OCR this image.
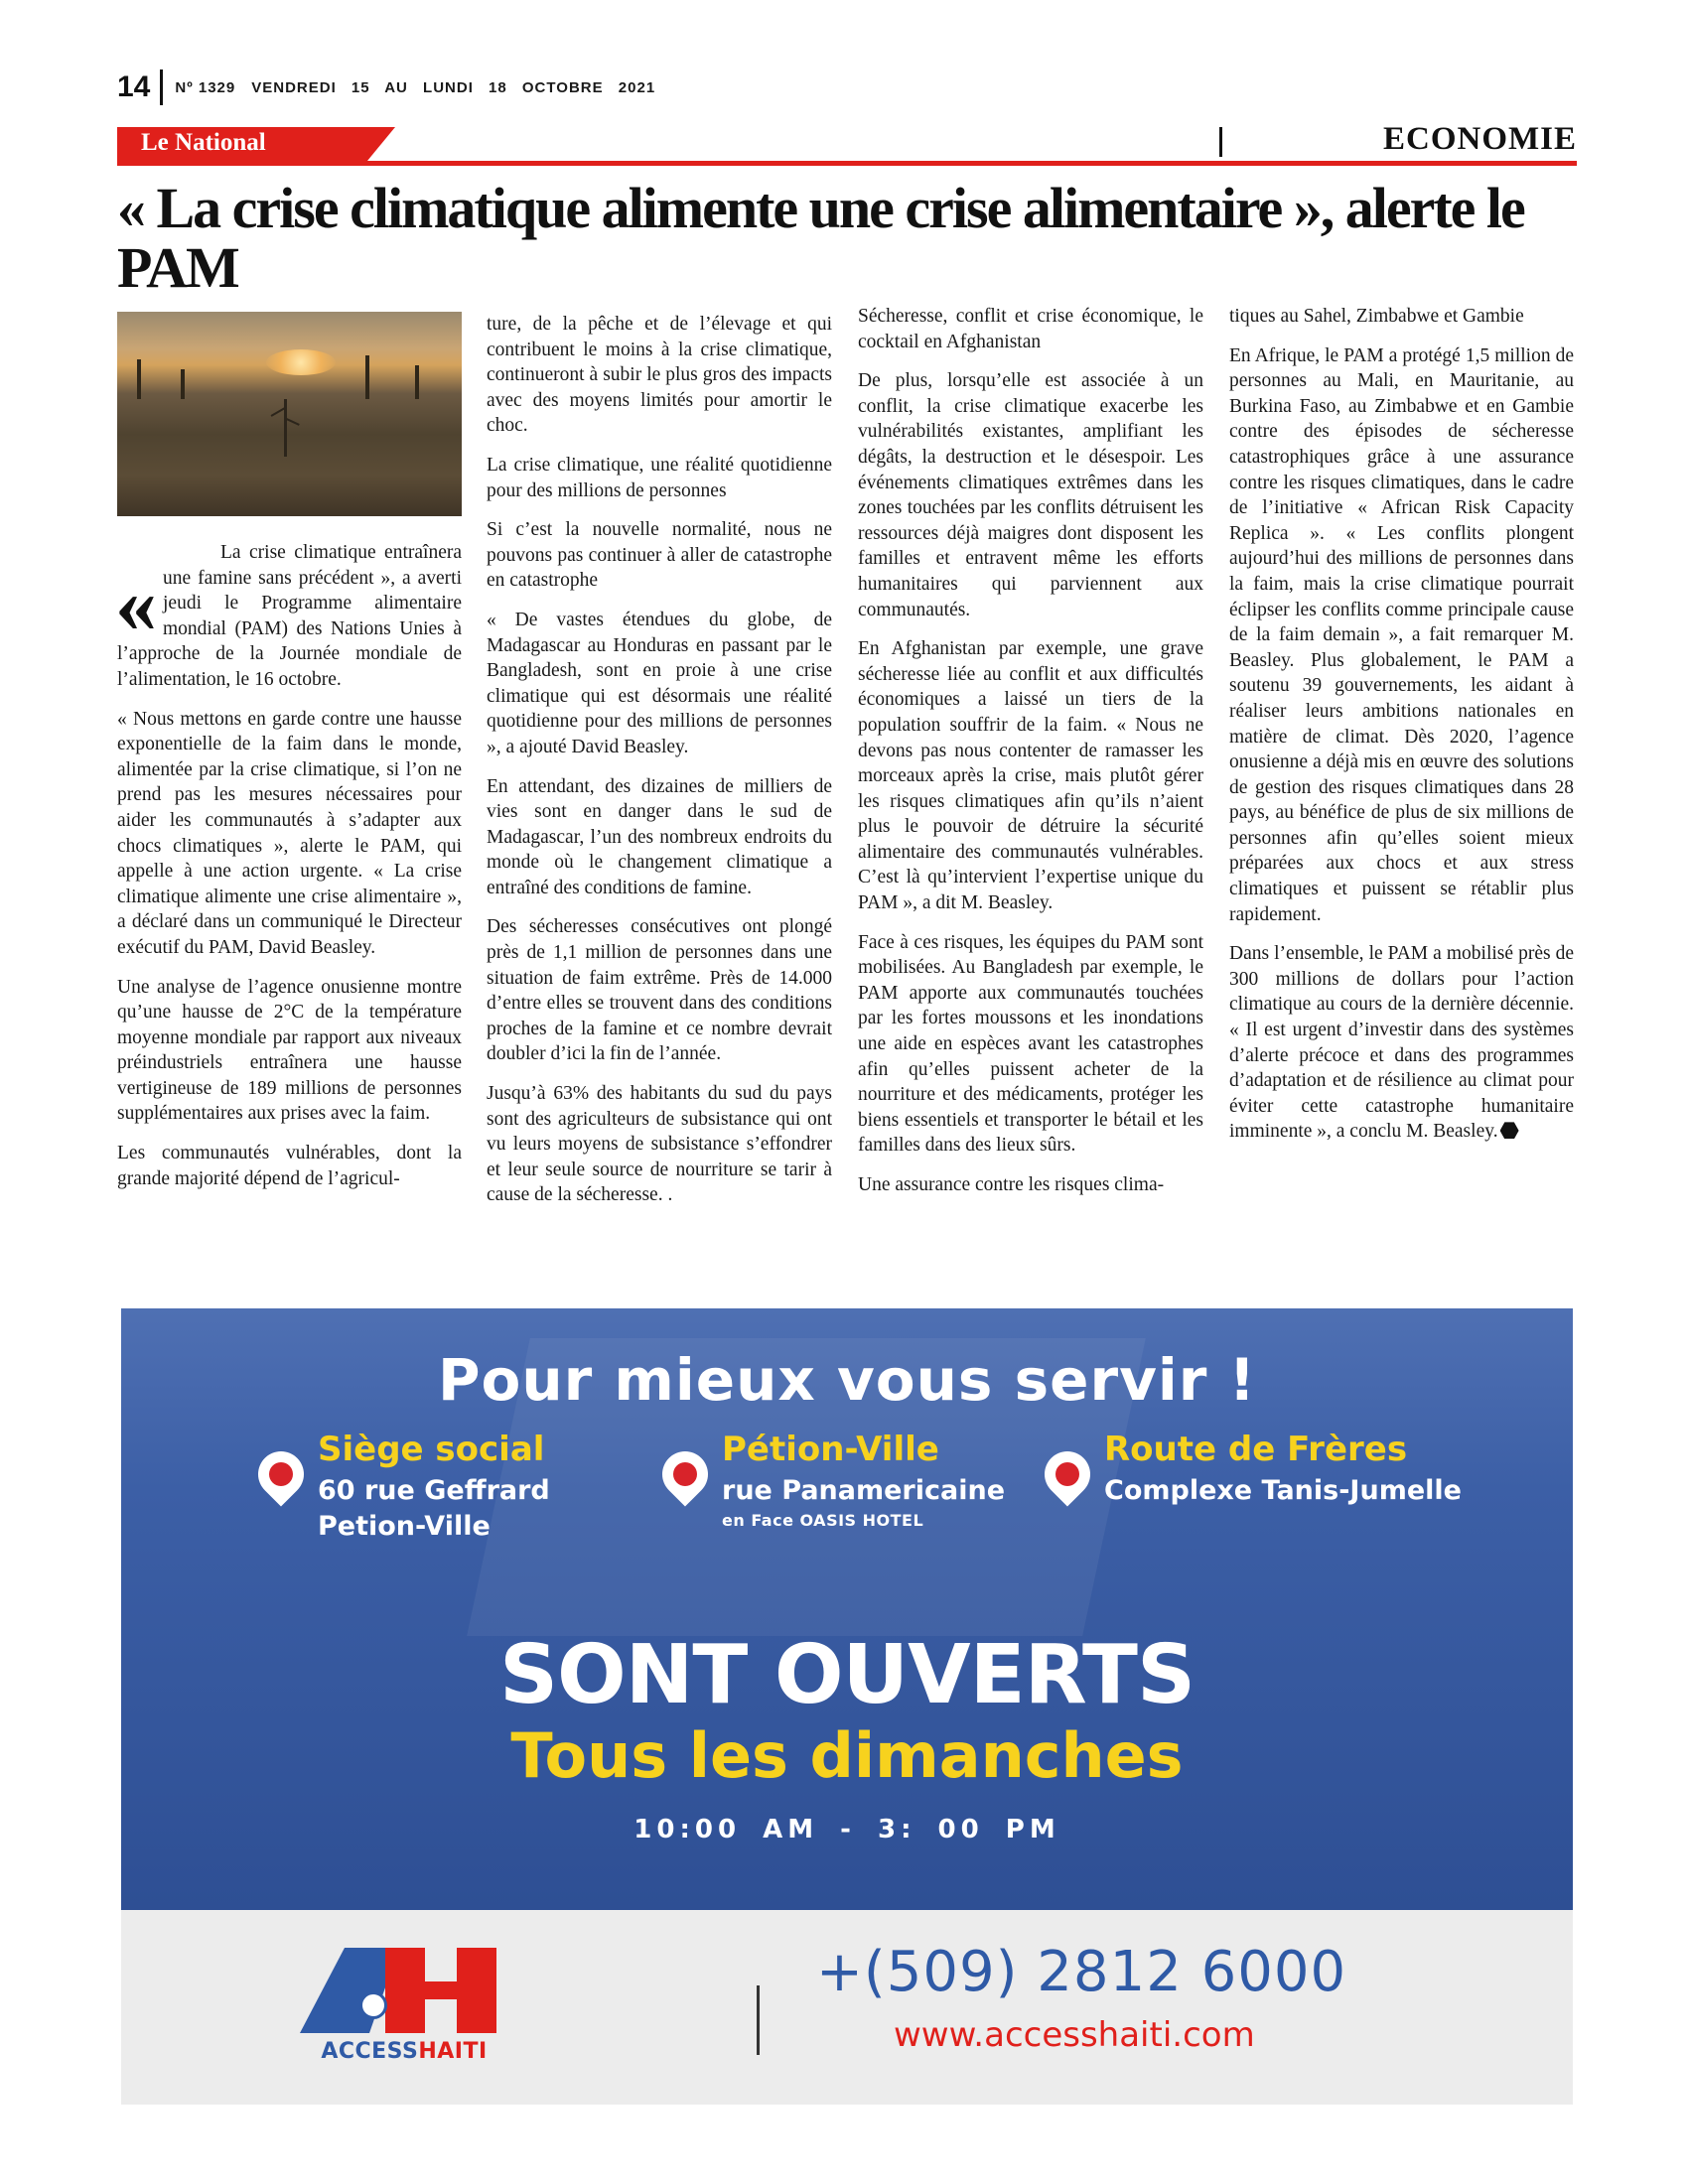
14 Nº 1329 VENDREDI 15 AU LUNDI 18 OCTOBRE 2021
Le National	ECONOMIE
« La crise climatique alimente une crise alimentaire », alerte le PAM
«

La crise climatique entraînera une famine sans précédent », a averti jeudi le Programme alimentaire mondial (PAM) des Nations Unies à l’approche de la Journée mondiale de l’alimentation, le 16 octobre.

« Nous mettons en garde contre une hausse exponentielle de la faim dans le monde, alimentée par la crise climatique, si l’on ne prend pas les mesures nécessaires pour aider les communautés à s’adapter aux chocs climatiques », alerte le PAM, qui appelle à une action urgente. « La crise climatique alimente une crise alimentaire », a déclaré dans un communiqué le Directeur exécutif du PAM, David Beasley.

Une analyse de l’agence onusienne montre qu’une hausse de 2°C de la température moyenne mondiale par rapport aux niveaux préindustriels entraînera une hausse vertigineuse de 189 millions de personnes supplémentaires aux prises avec la faim.

Les communautés vulnérables, dont la grande majorité dépend de l’agricul-

ture, de la pêche et de l’élevage et qui contribuent le moins à la crise climatique, continueront à subir le plus gros des impacts avec des moyens limités pour amortir le choc.

La crise climatique, une réalité quotidienne pour des millions de personnes

Si c’est la nouvelle normalité, nous ne pouvons pas continuer à aller de catastrophe en catastrophe

« De vastes étendues du globe, de Madagascar au Honduras en passant par le Bangladesh, sont en proie à une crise climatique qui est désormais une réalité quotidienne pour des millions de personnes », a ajouté David Beasley.

En attendant, des dizaines de milliers de vies sont en danger dans le sud de Madagascar, l’un des nombreux endroits du monde où le changement climatique a entraîné des conditions de famine.

Des sécheresses consécutives ont plongé près de 1,1 million de personnes dans une situation de faim extrême. Près de 14.000 d’entre elles se trouvent dans des conditions proches de la famine et ce nombre devrait doubler d’ici la fin de l’année.

Jusqu’à 63% des habitants du sud du pays sont des agriculteurs de subsistance qui ont vu leurs moyens de subsistance s’effondrer et leur seule source de nourriture se tarir à cause de la sécheresse. .

Sécheresse, conflit et crise économique, le cocktail en Afghanistan

De plus, lorsqu’elle est associée à un conflit, la crise climatique exacerbe les vulnérabilités existantes, amplifiant les dégâts, la destruction et le désespoir. Les événements climatiques extrêmes dans les zones touchées par les conflits détruisent les ressources déjà maigres dont disposent les familles et entravent même les efforts humanitaires qui parviennent aux communautés.

En Afghanistan par exemple, une grave sécheresse liée au conflit et aux difficultés économiques a laissé un tiers de la population souffrir de la faim. « Nous ne devons pas nous contenter de ramasser les morceaux après la crise, mais plutôt gérer les risques climatiques afin qu’ils n’aient plus le pouvoir de détruire la sécurité alimentaire des communautés vulnérables. C’est là qu’intervient l’expertise unique du PAM », a dit M. Beasley.

Face à ces risques, les équipes du PAM sont mobilisées. Au Bangladesh par exemple, le PAM apporte aux communautés touchées par les fortes moussons et les inondations une aide en espèces avant les catastrophes afin qu’elles puissent acheter de la nourriture et des médicaments, protéger les biens essentiels et transporter le bétail et les familles dans des lieux sûrs.

Une assurance contre les risques clima-

tiques au Sahel, Zimbabwe et Gambie

En Afrique, le PAM a protégé 1,5 million de personnes au Mali, en Mauritanie, au Burkina Faso, au Zimbabwe et en Gambie contre des épisodes de sécheresse catastrophiques grâce à une assurance contre les risques climatiques, dans le cadre de l’initiative « African Risk Capacity Replica ». « Les conflits plongent aujourd’hui des millions de personnes dans la faim, mais la crise climatique pourrait éclipser les conflits comme principale cause de la faim demain », a fait remarquer M. Beasley. Plus globalement, le PAM a soutenu 39 gouvernements, les aidant à réaliser leurs ambitions nationales en matière de climat. Dès 2020, l’agence onusienne a déjà mis en œuvre des solutions de gestion des risques climatiques dans 28 pays, au bénéfice de plus de six millions de personnes afin qu’elles soient mieux préparées aux chocs et aux stress climatiques et puissent se rétablir plus rapidement.

Dans l’ensemble, le PAM a mobilisé près de 300 millions de dollars pour l’action climatique au cours de la dernière décennie. « Il est urgent d’investir dans des systèmes d’alerte précoce et dans des programmes d’adaptation et de résilience au climat pour éviter cette catastrophe humanitaire imminente », a conclu M. Beasley.

Pour mieux vous servir !
Siège social
60 rue Geffrard
Petion-Ville
Pétion-Ville
rue Panamericaine
en Face OASIS HOTEL
Route de Frères
Complexe Tanis-Jumelle
SONT OUVERTS
Tous les dimanches
10:00 AM - 3: 00 PM
ACCESSHAITI
+(509) 2812 6000
www.accesshaiti.com
